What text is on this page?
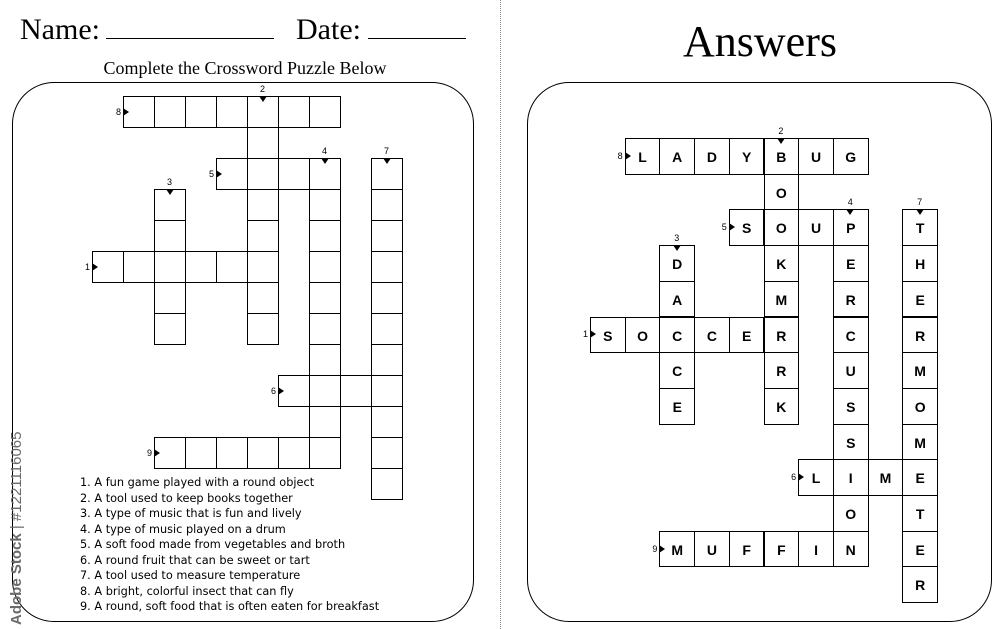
Name:	Date:
Complete the Crossword Puzzle Below
Answers
8
2
5
4	7
3
1
6
9
L	A	D	Y	B	U	G
O
O
K
M
R
R
K
S	U	P
E
R
C
U
S
S
I
O
N
T
H
E
R
M
O
M
E
T
E
R
D
A
C
C
E
S	O	C	E
L	M
M	U	F	F	I
8
2
5
4	7
3
1
6
9
1. A fun game played with a round object
2. A tool used to keep books together
3. A type of music that is fun and lively
4. A type of music played on a drum
5. A soft food made from vegetables and broth
6. A round fruit that can be sweet or tart
7. A tool used to measure temperature
8. A bright, colorful insect that can fly
9. A round, soft food that is often eaten for breakfast
Adobe Stock | #1221116065
